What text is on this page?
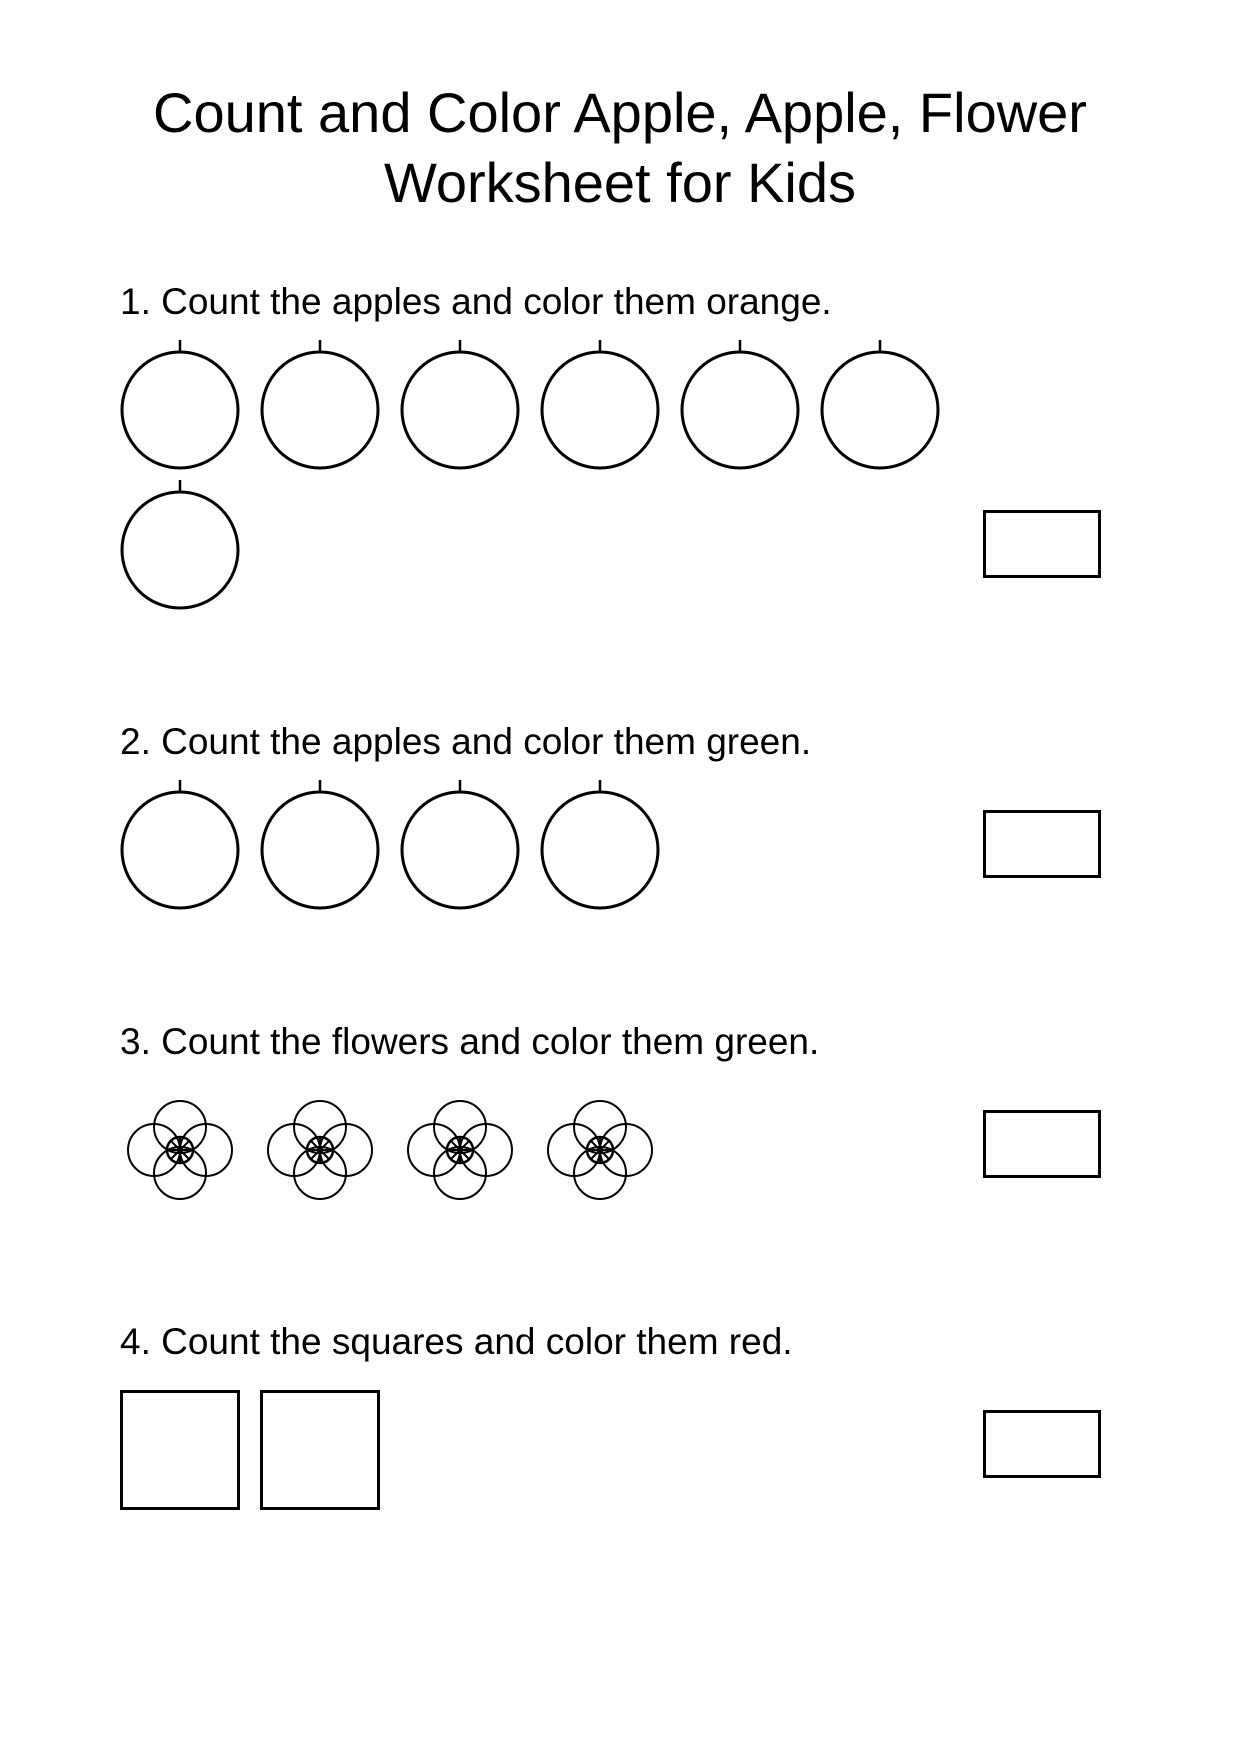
Count and Color Apple, Apple, Flower
Worksheet for Kids

1. Count the apples and color them orange.

2. Count the apples and color them green.

3. Count the flowers and color them green.

4. Count the squares and color them red.
